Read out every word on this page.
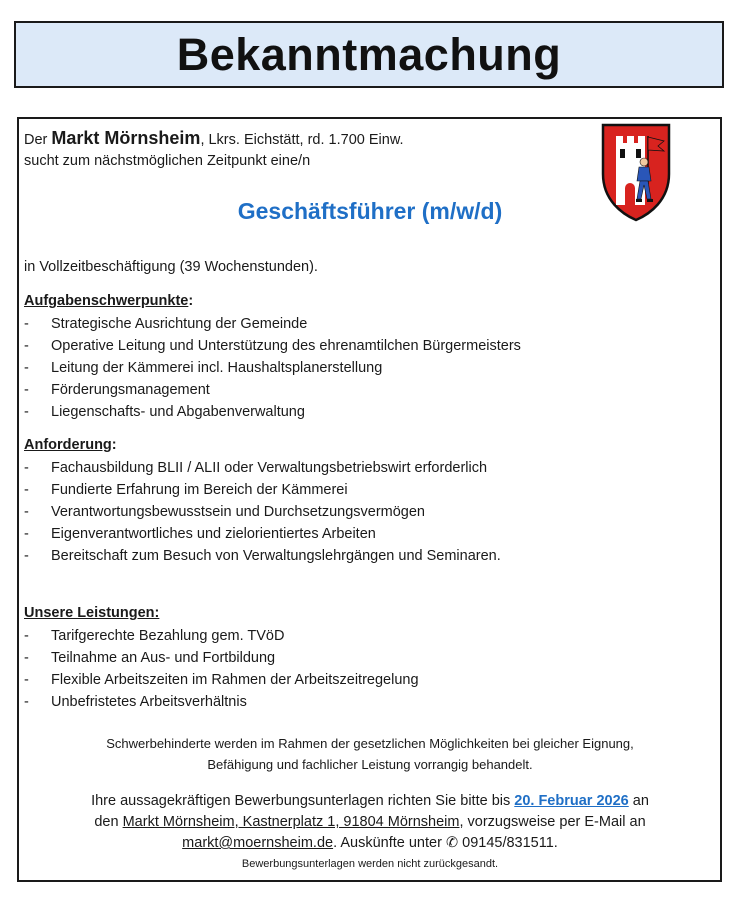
Bekanntmachung
Der Markt Mörnsheim, Lkrs. Eichstätt, rd. 1.700 Einw.
sucht zum nächstmöglichen Zeitpunkt eine/n
Geschäftsführer (m/w/d)
in Vollzeitbeschäftigung (39 Wochenstunden).
Aufgabenschwerpunkte:
- Strategische Ausrichtung der Gemeinde
- Operative Leitung und Unterstützung des ehrenamtilchen Bürgermeisters
- Leitung der Kämmerei incl. Haushaltsplanerstellung
- Förderungsmanagement
- Liegenschafts- und Abgabenverwaltung
Anforderung:
- Fachausbildung BLII / ALII oder Verwaltungsbetriebswirt erforderlich
- Fundierte Erfahrung im Bereich der Kämmerei
- Verantwortungsbewusstsein und Durchsetzungsvermögen
- Eigenverantwortliches und zielorientiertes Arbeiten
- Bereitschaft zum Besuch von Verwaltungslehrgängen und Seminaren.
Unsere Leistungen:
- Tarifgerechte Bezahlung gem. TVöD
- Teilnahme an Aus- und Fortbildung
- Flexible Arbeitszeiten im Rahmen der Arbeitszeitregelung
- Unbefristetes Arbeitsverhältnis
Schwerbehinderte werden im Rahmen der gesetzlichen Möglichkeiten bei gleicher Eignung,
Befähigung und fachlicher Leistung vorrangig behandelt.
Ihre aussagekräftigen Bewerbungsunterlagen richten Sie bitte bis 20. Februar 2026 an
den Markt Mörnsheim, Kastnerplatz 1, 91804 Mörnsheim, vorzugsweise per E-Mail an
markt@moernsheim.de. Auskünfte unter ✆ 09145/831511.
Bewerbungsunterlagen werden nicht zurückgesandt.
